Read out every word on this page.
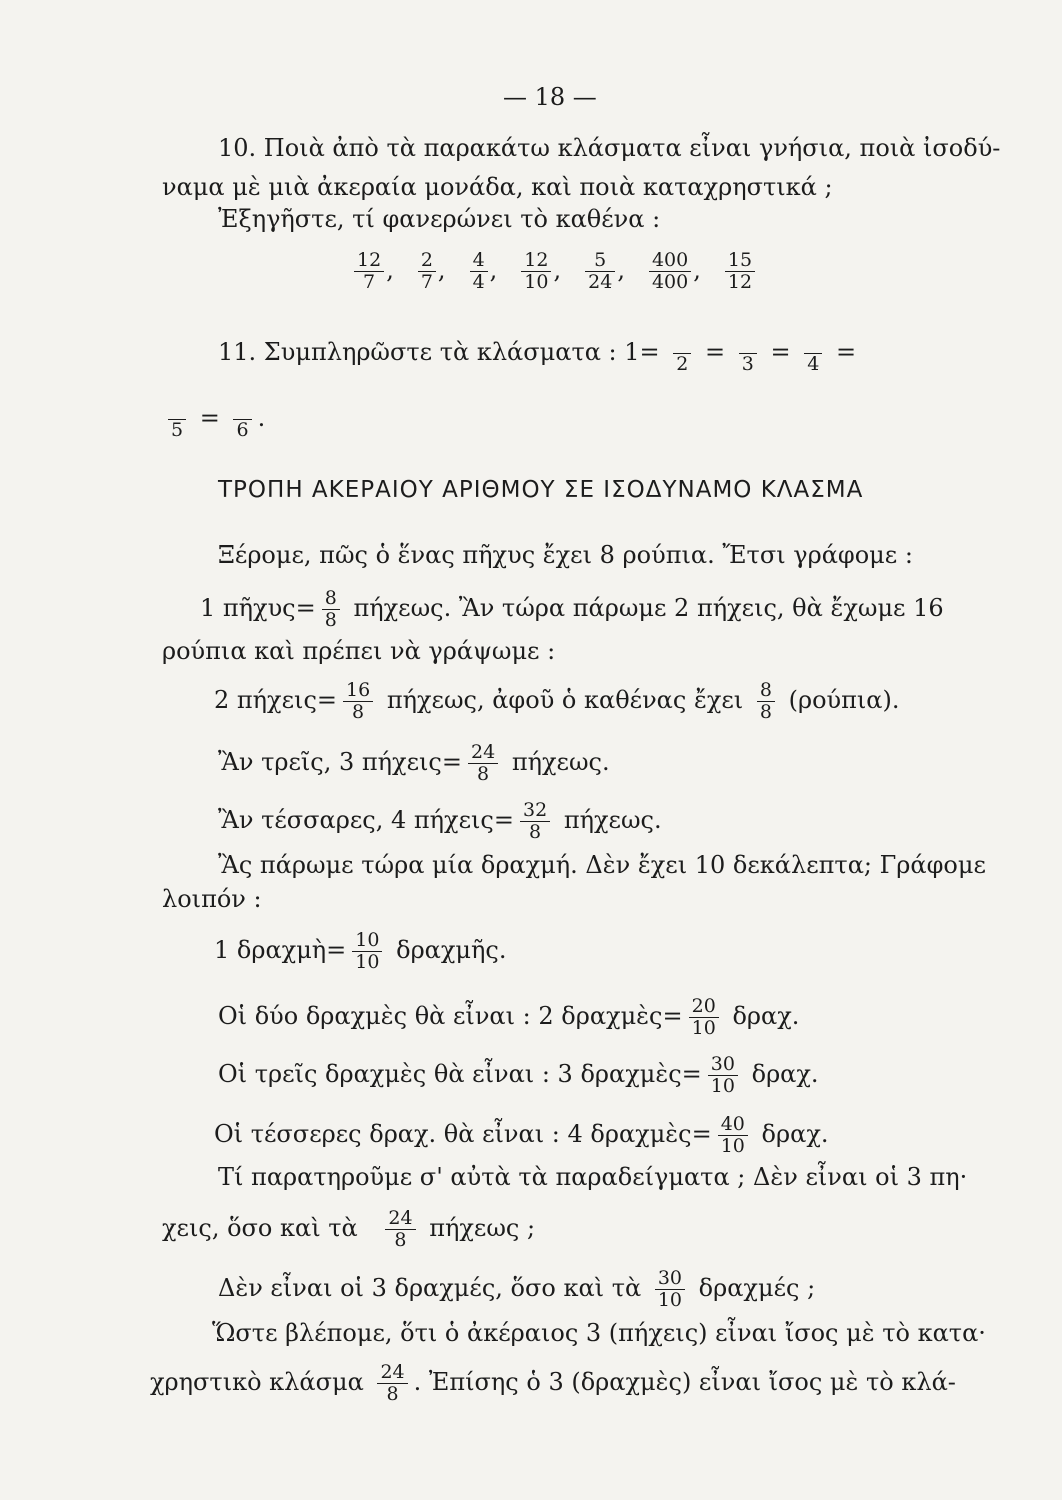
— 18 —
10. Ποιὰ ἀπὸ τὰ παρακάτω κλάσματα εἶναι γνήσια, ποιὰ ἰσοδύ-
ναμα μὲ μιὰ ἀκεραία μονάδα, καὶ ποιὰ καταχρηστικά ;
Ἐξηγῆστε, τί φανερώνει τὸ καθένα :
$\frac{12}{7}$ , $\frac{2}{7}$ , $\frac{4}{4}$ , $\frac{12}{10}$ , $\frac{5}{24}$ , $\frac{400}{400}$ , $\frac{15}{12}$
11. Συμπληρῶστε τὰ κλάσματα : 1= 2 = 3 = 4 =
5 = 6 .
ΤΡΟΠΗ ΑΚΕΡΑΙΟΥ ΑΡΙΘΜΟΥ ΣΕ ΙΣΟΔΥΝΑΜΟ ΚΛΑΣΜΑ
Ξέρομε, πῶς ὁ ἕνας πῆχυς ἔχει 8 ρούπια. Ἔτσι γράφομε :
1 πῆχυς= $\frac{8}{8} \pi ή\chi\varepsilon\omega\varsigma$. Ἂν τώρα πάρωμε 2 πήχεις, θὰ ἔχωμε 16
ρούπια καὶ πρέπει νὰ γράψωμε :
2 $\pi ή\chi\varepsilon\iota\varsigma= \frac{16}{8} \pi ή\chi\varepsilon\omega\varsigma$, ἀφοῦ ὁ καθένας ἔχει $\frac{8}{8} (\rho oύ\pi\iota\alpha)$.
Ἂν τρεῖς, 3 $\pi ή\chi\varepsilon\iota\varsigma= \frac{24}{8} \pi ή\chi\varepsilon\omega\varsigma$.
Ἂν τέσσαρες, 4 $\pi ή\chi\varepsilon\iota\varsigma= \frac{32}{8} \pi ή\chi\varepsilon\omega\varsigma$.
Ἂς πάρωμε τώρα μία δραχμή. Δὲν ἔχει 10 δεκάλεπτα; Γράφομε
λοιπόν :
1 δραχμὴ= $\frac{10}{10}$ δραχμῆς.
Οἱ δύο δραχμὲς θὰ εἶναι : 2 δραχμὲς= $\frac{20}{10} \delta\rho\alpha\chi$.
Οἱ τρεῖς δραχμὲς θὰ εἶναι : 3 δραχμὲς= $\frac{30}{10} \delta\rho\alpha\chi$.
Οἱ τέσσερες δραχ. θὰ εἶναι : 4 δραχμὲς= $\frac{40}{10} \delta\rho\alpha\chi$.
Τί παρατηροῦμε σ' αὐτὰ τὰ παραδείγματα ; Δὲν εἶναι οἱ 3 πη·
χεις, ὅσο καὶ τὰ $\frac{24}{8}$ πήχεως ;
Δὲν εἶναι οἱ 3 δραχμές, ὅσο καὶ τὰ $\frac{30}{10}$ δραχμές ;
Ὥστε βλέπομε, ὅτι ὁ ἀκέραιος 3 (πήχεις) εἶναι ἴσος μὲ τὸ κατα·
χρηστικὸ κλάσμα $\frac{24}{8}$ . Ἐπίσης ὁ 3 (δραχμὲς) εἶναι ἴσος μὲ τὸ κλά-
